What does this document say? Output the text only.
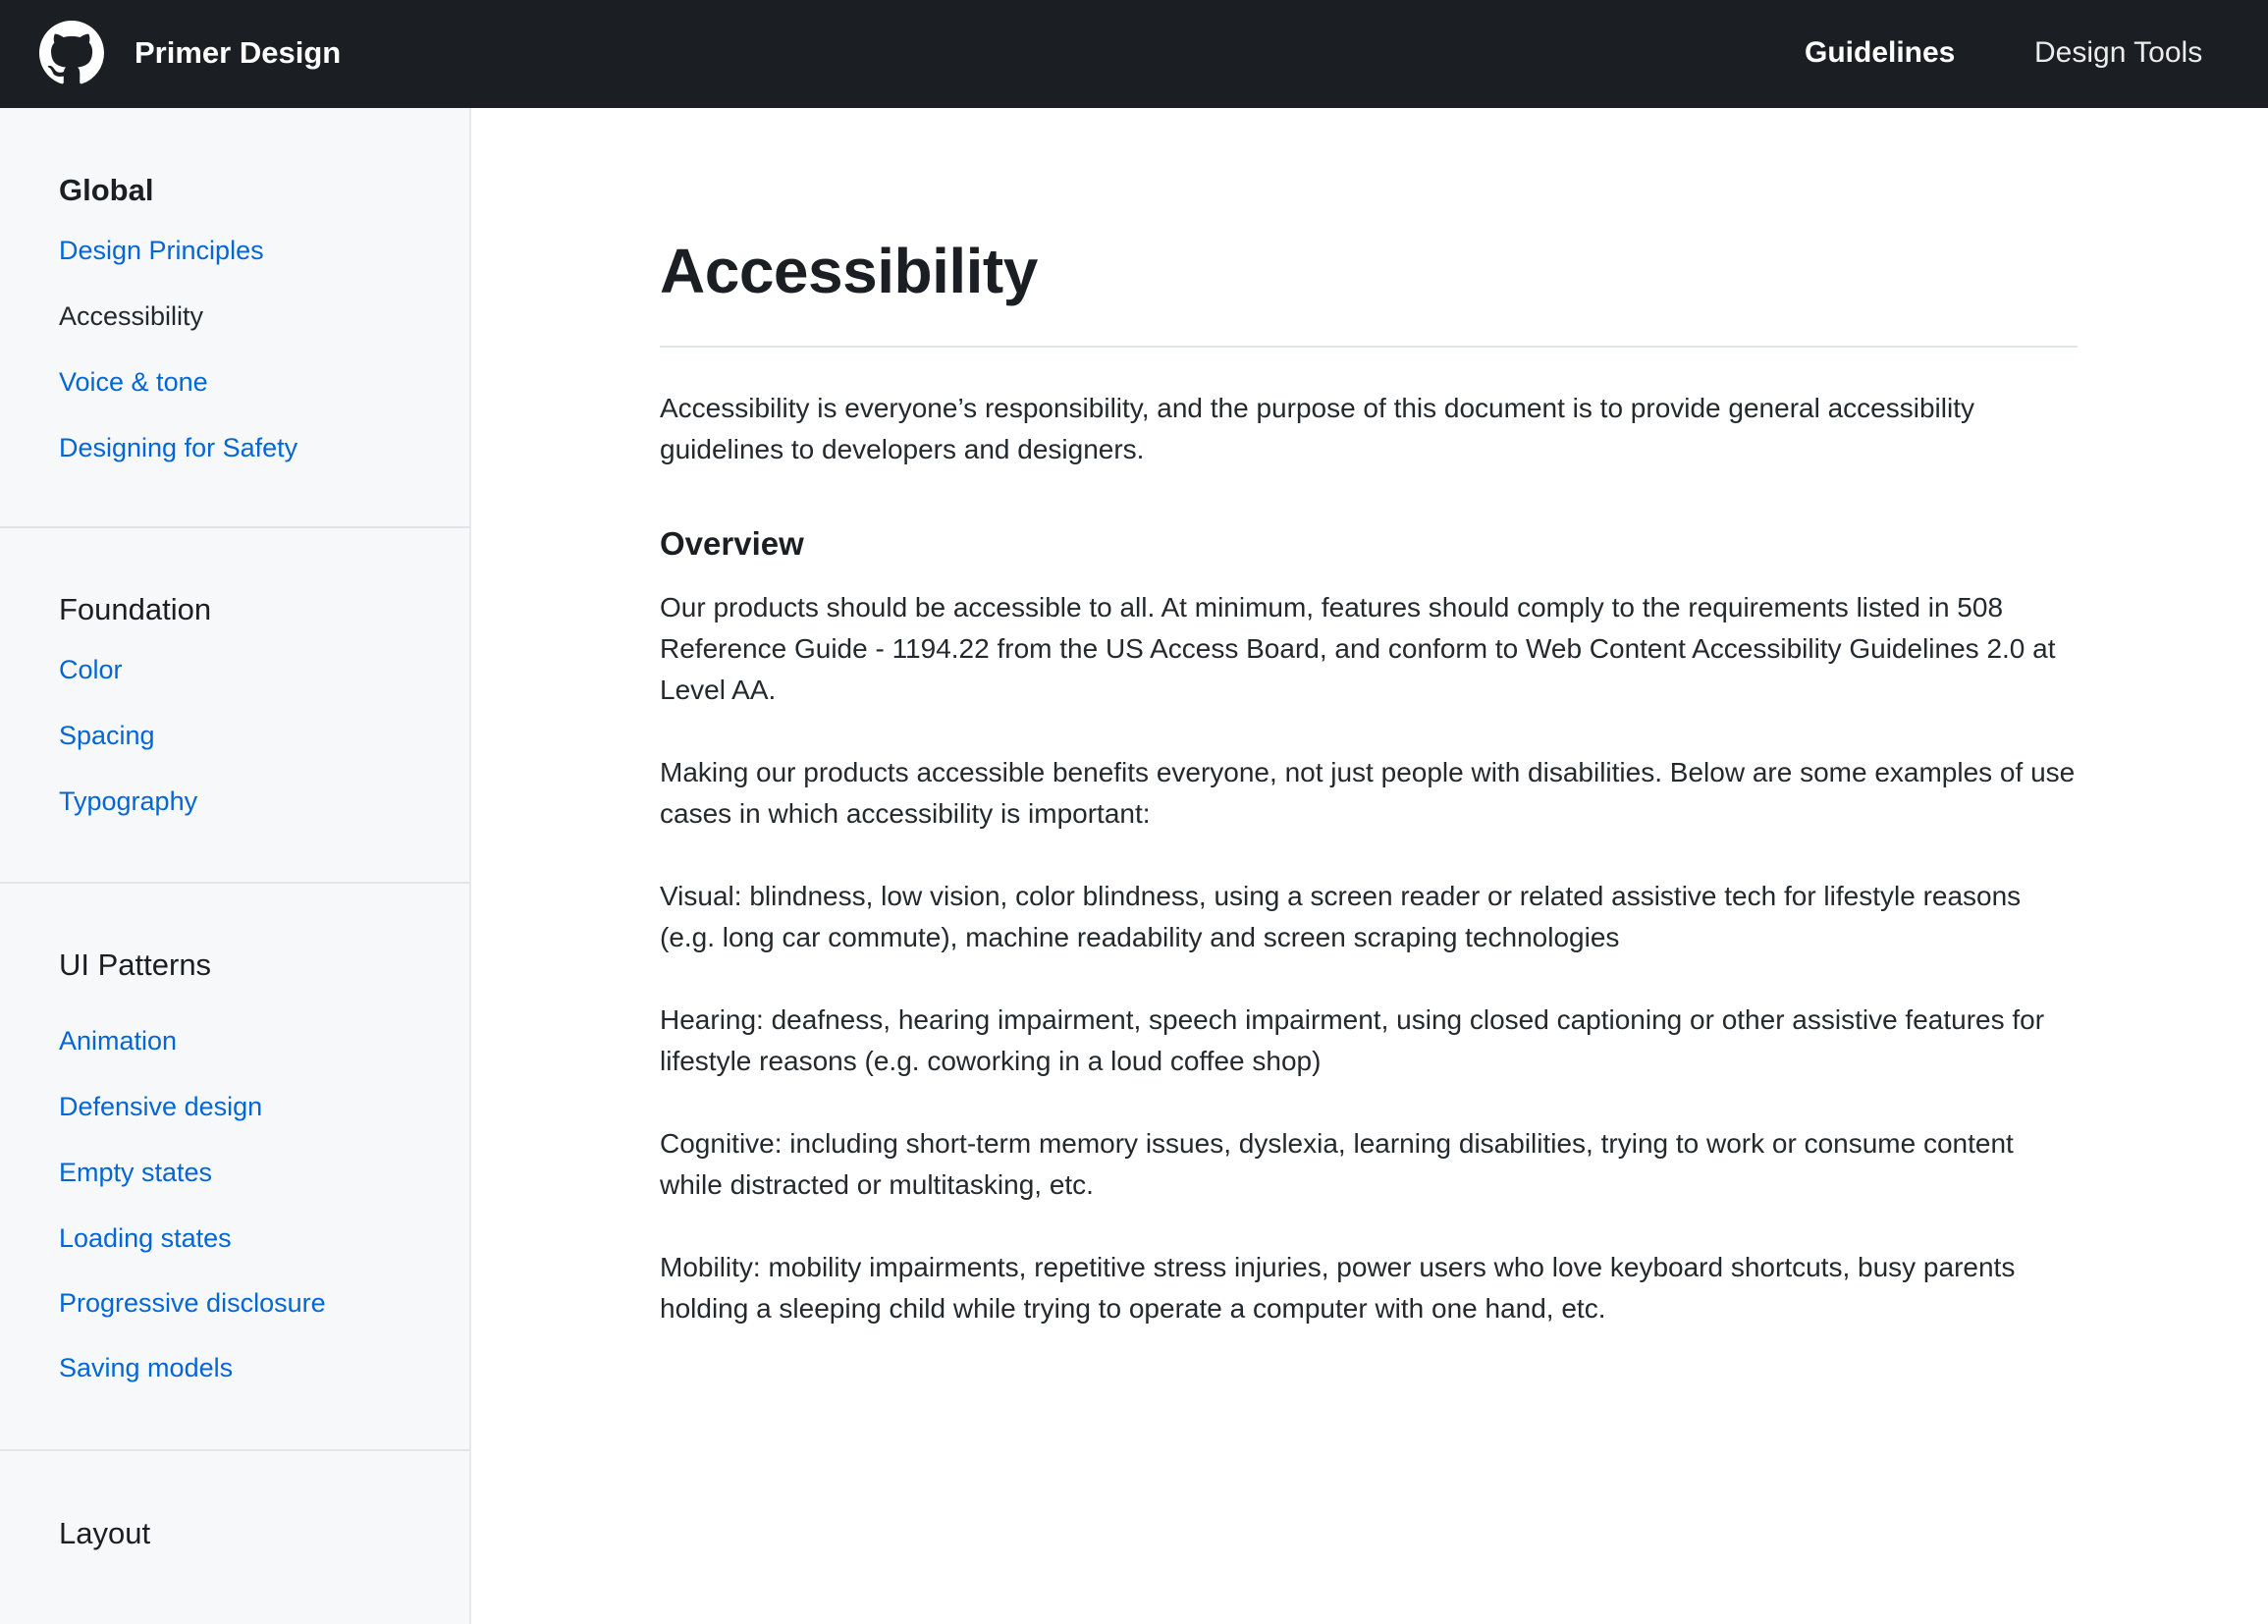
Primer Design	Guidelines	Design Tools
Global
Design Principles
Accessibility
Voice & tone
Designing for Safety
Foundation
Color
Spacing
Typography
UI Patterns
Animation
Defensive design
Empty states
Loading states
Progressive disclosure
Saving models
Layout
Accessibility

Accessibility is everyone’s responsibility, and the purpose of this document is to provide general accessibility guidelines to developers and designers.

Overview

Our products should be accessible to all. At minimum, features should comply to the requirements listed in 508 Reference Guide - 1194.22 from the US Access Board, and conform to Web Content Accessibility Guidelines 2.0 at Level AA.

Making our products accessible benefits everyone, not just people with disabilities. Below are some examples of use cases in which accessibility is important:

Visual: blindness, low vision, color blindness, using a screen reader or related assistive tech for lifestyle reasons (e.g. long car commute), machine readability and screen scraping technologies

Hearing: deafness, hearing impairment, speech impairment, using closed captioning or other assistive features for lifestyle reasons (e.g. coworking in a loud coffee shop)

Cognitive: including short-term memory issues, dyslexia, learning disabilities, trying to work or consume content while distracted or multitasking, etc.

Mobility: mobility impairments, repetitive stress injuries, power users who love keyboard shortcuts, busy parents holding a sleeping child while trying to operate a computer with one hand, etc.
